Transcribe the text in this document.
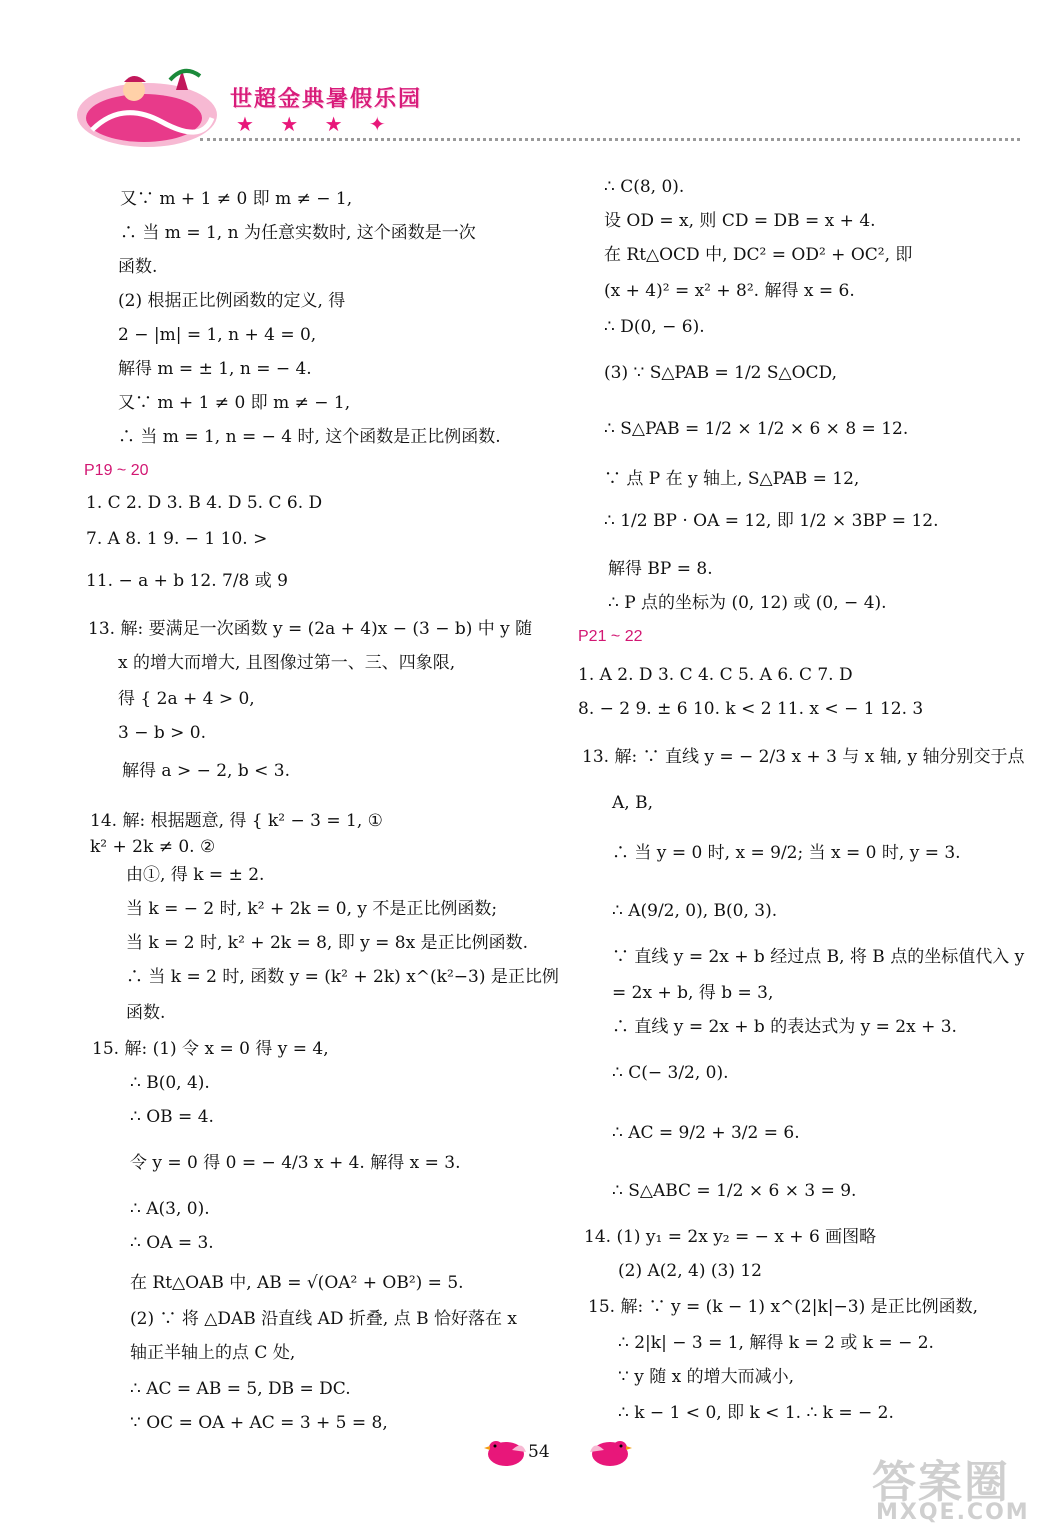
世超金典暑假乐园
★ ★ ★ ✦
又∵ m + 1 ≠ 0 即 m ≠ − 1,
∴ 当 m = 1, n 为任意实数时, 这个函数是一次
函数.
(2) 根据正比例函数的定义, 得
2 − |m| = 1, n + 4 = 0,
解得 m = ± 1, n = − 4.
又∵ m + 1 ≠ 0 即 m ≠ − 1,
∴ 当 m = 1, n = − 4 时, 这个函数是正比例函数.
P19 ~ 20
1. C 2. D 3. B 4. D 5. C 6. D
7. A 8. 1 9. − 1 10. >
11. − a + b 12. 7/8 或 9
13. 解: 要满足一次函数 y = (2a + 4)x − (3 − b) 中 y 随
x 的增大而增大, 且图像过第一、三、四象限,
得 { 2a + 4 > 0,
3 − b > 0.
解得 a > − 2, b < 3.
14. 解: 根据题意, 得 { k² − 3 = 1, ①
k² + 2k ≠ 0. ②
由①, 得 k = ± 2.
当 k = − 2 时, k² + 2k = 0, y 不是正比例函数;
当 k = 2 时, k² + 2k = 8, 即 y = 8x 是正比例函数.
∴ 当 k = 2 时, 函数 y = (k² + 2k) x^(k²−3) 是正比例
函数.
15. 解: (1) 令 x = 0 得 y = 4,
∴ B(0, 4).
∴ OB = 4.
令 y = 0 得 0 = − 4/3 x + 4. 解得 x = 3.
∴ A(3, 0).
∴ OA = 3.
在 Rt△OAB 中, AB = √(OA² + OB²) = 5.
(2) ∵ 将 △DAB 沿直线 AD 折叠, 点 B 恰好落在 x
轴正半轴上的点 C 处,
∴ AC = AB = 5, DB = DC.
∵ OC = OA + AC = 3 + 5 = 8,
∴ C(8, 0).
设 OD = x, 则 CD = DB = x + 4.
在 Rt△OCD 中, DC² = OD² + OC², 即
(x + 4)² = x² + 8². 解得 x = 6.
∴ D(0, − 6).
(3) ∵ S△PAB = 1/2 S△OCD,
∴ S△PAB = 1/2 × 1/2 × 6 × 8 = 12.
∵ 点 P 在 y 轴上, S△PAB = 12,
∴ 1/2 BP · OA = 12, 即 1/2 × 3BP = 12.
解得 BP = 8.
∴ P 点的坐标为 (0, 12) 或 (0, − 4).
P21 ~ 22
1. A 2. D 3. C 4. C 5. A 6. C 7. D
8. − 2 9. ± 6 10. k < 2 11. x < − 1 12. 3
13. 解: ∵ 直线 y = − 2/3 x + 3 与 x 轴, y 轴分别交于点
A, B,
∴ 当 y = 0 时, x = 9/2; 当 x = 0 时, y = 3.
∴ A(9/2, 0), B(0, 3).
∵ 直线 y = 2x + b 经过点 B, 将 B 点的坐标值代入 y
= 2x + b, 得 b = 3,
∴ 直线 y = 2x + b 的表达式为 y = 2x + 3.
∴ C(− 3/2, 0).
∴ AC = 9/2 + 3/2 = 6.
∴ S△ABC = 1/2 × 6 × 3 = 9.
14. (1) y₁ = 2x y₂ = − x + 6 画图略
(2) A(2, 4) (3) 12
15. 解: ∵ y = (k − 1) x^(2|k|−3) 是正比例函数,
∴ 2|k| − 3 = 1, 解得 k = 2 或 k = − 2.
∵ y 随 x 的增大而减小,
∴ k − 1 < 0, 即 k < 1. ∴ k = − 2.
54
答案圈
MXQE.COM
